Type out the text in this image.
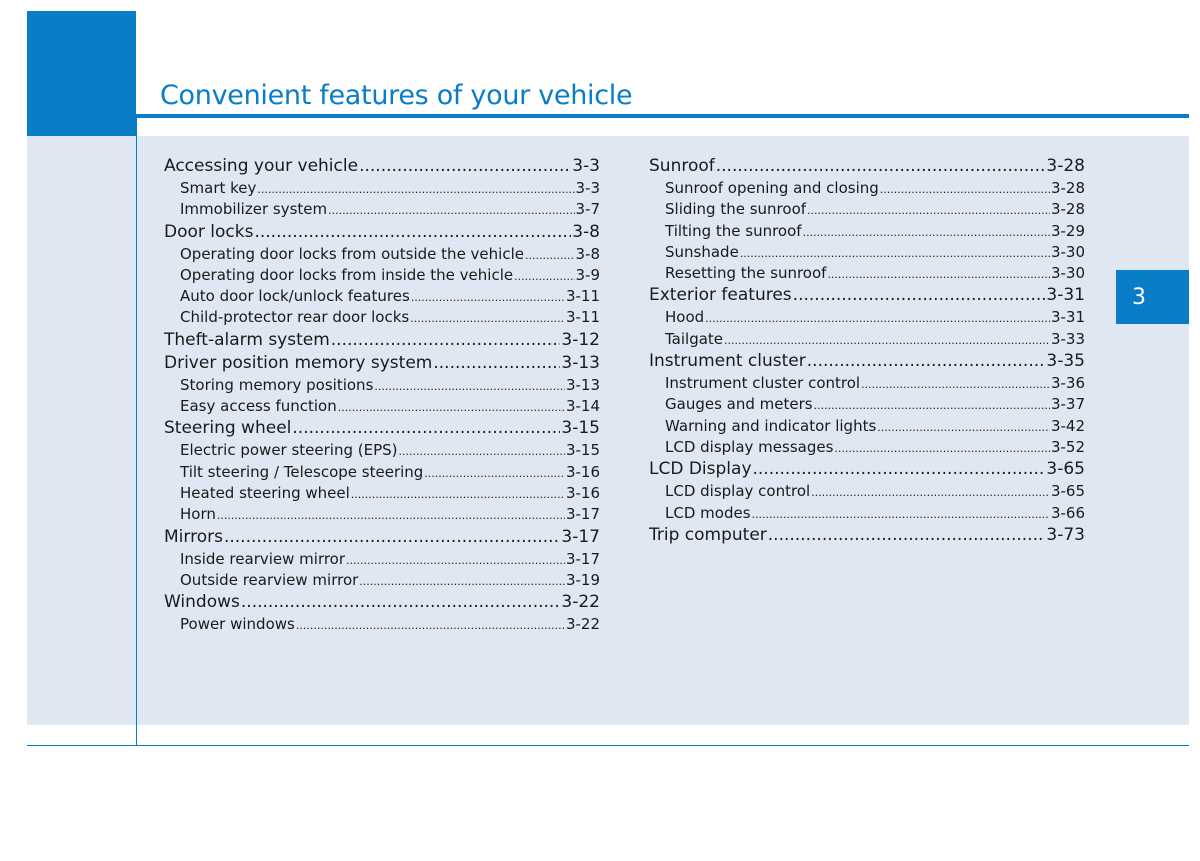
Convenient features of your vehicle
3
Accessing your vehicle .....	3-3
Smart key .....	3-3
Immobilizer system .....	3-7
Door locks .....	3-8
Operating door locks from outside the vehicle .....	3-8
Operating door locks from inside the vehicle .....	3-9
Auto door lock/unlock features .....	3-11
Child-protector rear door locks .....	3-11
Theft-alarm system .....	3-12
Driver position memory system .....	3-13
Storing memory positions .....	3-13
Easy access function .....	3-14
Steering wheel .....	3-15
Electric power steering (EPS) .....	3-15
Tilt steering / Telescope steering .....	3-16
Heated steering wheel .....	3-16
Horn .....	3-17
Mirrors .....	3-17
Inside rearview mirror .....	3-17
Outside rearview mirror .....	3-19
Windows .....	3-22
Power windows .....	3-22
Sunroof .....	3-28
Sunroof opening and closing .....	3-28
Sliding the sunroof .....	3-28
Tilting the sunroof .....	3-29
Sunshade .....	3-30
Resetting the sunroof .....	3-30
Exterior features .....	3-31
Hood .....	3-31
Tailgate .....	3-33
Instrument cluster .....	3-35
Instrument cluster control .....	3-36
Gauges and meters .....	3-37
Warning and indicator lights .....	3-42
LCD display messages .....	3-52
LCD Display .....	3-65
LCD display control .....	3-65
LCD modes .....	3-66
Trip computer .....	3-73
